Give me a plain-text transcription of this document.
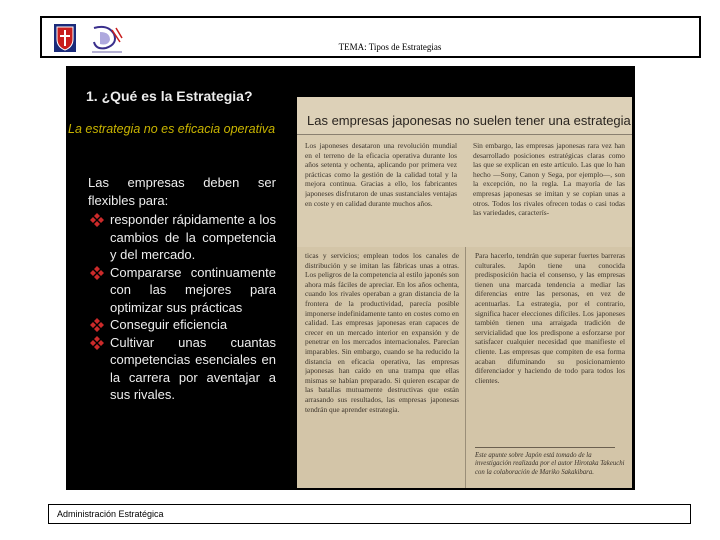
TEMA: Tipos de Estrategias
1. ¿Qué es la Estrategia?
La estrategia no es eficacia operativa
Las empresas deben ser flexibles para:
responder rápidamente a los cambios de la competencia y del mercado.
Compararse continuamente con las mejores para optimizar sus prácticas
Conseguir eficiencia
Cultivar unas cuantas competencias esenciales en la carrera por aventajar a sus rivales.
Las empresas japonesas no suelen tener una estrategia
Los japoneses desataron una revolución mundial en el terreno de la eficacia operativa durante los años setenta y ochenta, aplicando por primera vez prácticas como la gestión de la calidad total y la mejora continua. Gracias a ello, los fabricantes japoneses disfrutaron de unas sustanciales ventajas en coste y en calidad durante muchos años.
Sin embargo, las empresas japonesas rara vez han desarrollado posiciones estratégicas claras como las que se explican en este artículo. Las que lo han hecho —Sony, Canon y Sega, por ejemplo—, son la excepción, no la regla. La mayoría de las empresas japonesas se imitan y se copian unas a otros. Todos los rivales ofrecen todas o casi todas las variedades, caracterís-
ticas y servicios; emplean todos los canales de distribución y se imitan las fábricas unas a otras. Los peligros de la competencia al estilo japonés son ahora más fáciles de apreciar. En los años ochenta, cuando los rivales operaban a gran distancia de la frontera de la productividad, parecía posible imponerse indefinidamente tanto en costes como en calidad. Las empresas japonesas eran capaces de crecer en un mercado interior en expansión y de penetrar en los mercados internacionales. Parecían imparables. Sin embargo, cuando se ha reducido la distancia en eficacia operativa, las empresas japonesas han caído en una trampa que ellas mismas se habían preparado. Si quieren escapar de las batallas mutuamente destructivas que están arrasando sus resultados, las empresas japonesas tendrán que aprender estrategia.
Para hacerlo, tendrán que superar fuertes barreras culturales. Japón tiene una conocida predisposición hacia el consenso, y las empresas tienen una marcada tendencia a mediar las diferencias entre las personas, en vez de acentuarlas. La estrategia, por el contrario, significa hacer elecciones difíciles. Los japoneses también tienen una arraigada tradición de servicialidad que los predispone a esforzarse por satisfacer cualquier necesidad que manifieste el cliente. Las empresas que compiten de esa forma acaban difuminando su posicionamiento diferenciador y haciendo de todo para todos los clientes.
Este apunte sobre Japón está tomado de la investigación realizada por el autor Hirotaka Takeuchi con la colaboración de Mariko Sakakibara.
Administración Estratégica
